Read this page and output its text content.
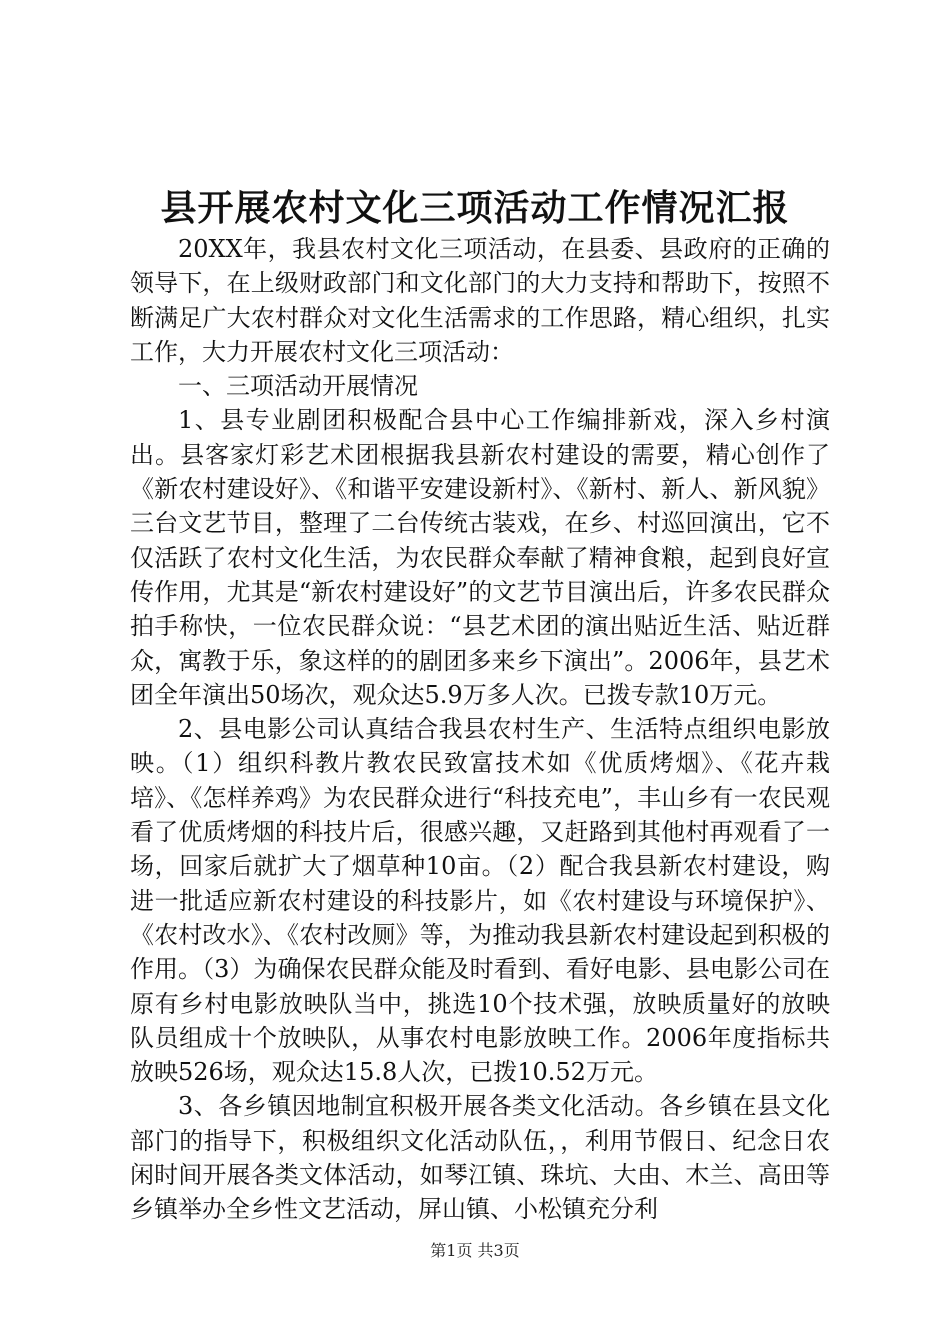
县开展农村文化三项活动工作情况汇报

20XX年，我县农村文化三项活动，在县委、县政府的正确的领导下，在上级财政部门和文化部门的大力支持和帮助下，按照不断满足广大农村群众对文化生活需求的工作思路，精心组织，扎实工作，大力开展农村文化三项活动：

一、三项活动开展情况

1、县专业剧团积极配合县中心工作编排新戏，深入乡村演出。县客家灯彩艺术团根据我县新农村建设的需要，精心创作了《新农村建设好》、《和谐平安建设新村》、《新村、新人、新风貌》三台文艺节目，整理了二台传统古装戏，在乡、村巡回演出，它不仅活跃了农村文化生活，为农民群众奉献了精神食粮，起到良好宣传作用，尤其是“新农村建设好”的文艺节目演出后，许多农民群众拍手称快，一位农民群众说：“县艺术团的演出贴近生活、贴近群众，寓教于乐，象这样的的剧团多来乡下演出”。2006年，县艺术团全年演出50场次，观众达5.9万多人次。已拨专款10万元。

2、县电影公司认真结合我县农村生产、生活特点组织电影放映。（1）组织科教片教农民致富技术如《优质烤烟》、《花卉栽培》、《怎样养鸡》为农民群众进行“科技充电”，丰山乡有一农民观看了优质烤烟的科技片后，很感兴趣，又赶路到其他村再观看了一场，回家后就扩大了烟草种10亩。（2）配合我县新农村建设，购进一批适应新农村建设的科技影片，如《农村建设与环境保护》、《农村改水》、《农村改厕》等，为推动我县新农村建设起到积极的作用。（3）为确保农民群众能及时看到、看好电影、县电影公司在原有乡村电影放映队当中，挑选10个技术强，放映质量好的放映队员组成十个放映队，从事农村电影放映工作。2006年度指标共放映526场，观众达15.8人次，已拨10.52万元。

3、各乡镇因地制宜积极开展各类文化活动。各乡镇在县文化部门的指导下，积极组织文化活动队伍，，利用节假日、纪念日农闲时间开展各类文体活动，如琴江镇、珠坑、大由、木兰、高田等乡镇举办全乡性文艺活动，屏山镇、小松镇充分利

第1页 共3页
